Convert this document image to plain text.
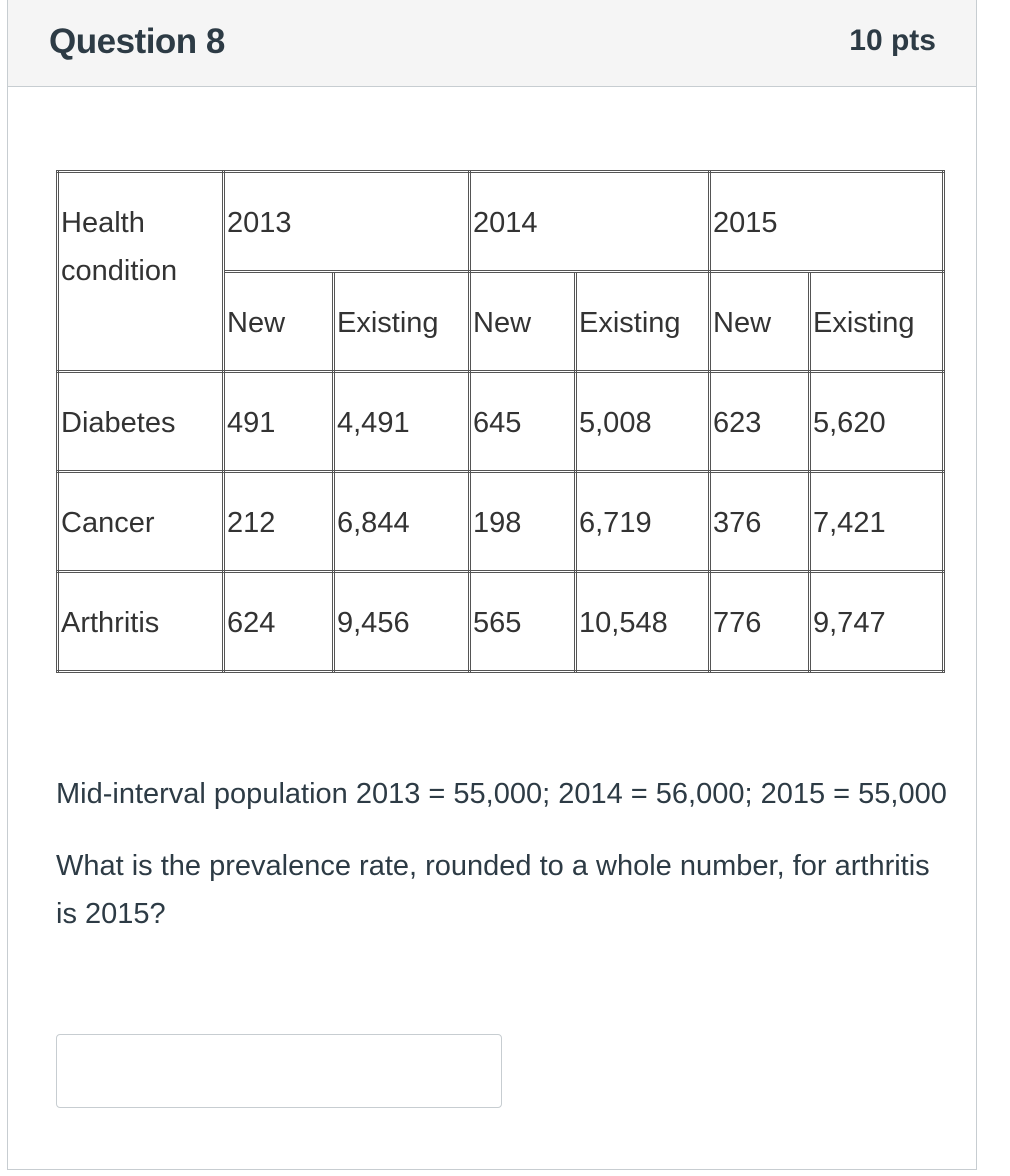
Question 8	10 pts
Health condition	2013		2014		2015	
	New	Existing	New	Existing	New	Existing
Diabetes	491	4,491	645	5,008	623	5,620
Cancer	212	6,844	198	6,719	376	7,421
Arthritis	624	9,456	565	10,548	776	9,747

Mid-interval population 2013 = 55,000; 2014 = 56,000; 2015 = 55,000

What is the prevalence rate, rounded to a whole number, for arthritis is 2015?
